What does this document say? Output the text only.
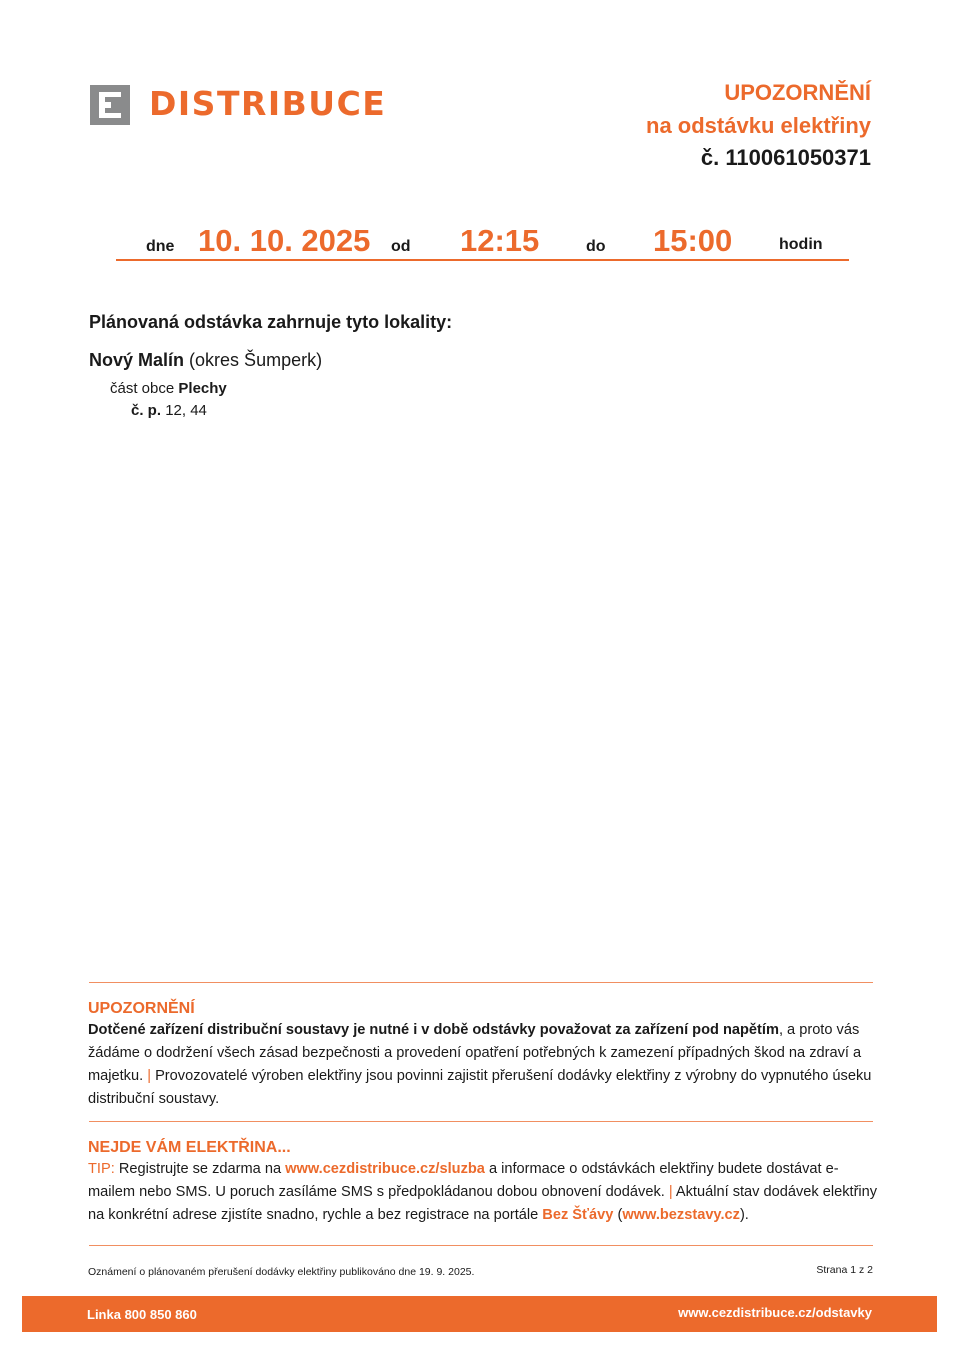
DISTRIBUCE	UPOZORNĚNÍ
na odstávku elektřiny
č. 110061050371
dne 10. 10. 2025 od 12:15	do 15:00	hodin
Plánovaná odstávka zahrnuje tyto lokality:
Nový Malín (okres Šumperk)
část obce Plechy
č. p. 12, 44
UPOZORNĚNÍ
Dotčené zařízení distribuční soustavy je nutné i v době odstávky považovat za zařízení pod napětím, a proto vás žádáme o dodržení všech zásad bezpečnosti a provedení opatření potřebných k zamezení případných škod na zdraví a majetku. | Provozovatelé výroben elektřiny jsou povinni zajistit přerušení dodávky elektřiny z výrobny do vypnutého úseku distribuční soustavy.
NEJDE VÁM ELEKTŘINA...
TIP: Registrujte se zdarma na www.cezdistribuce.cz/sluzba a informace o odstávkách elektřiny budete dostávat e-mailem nebo SMS. U poruch zasíláme SMS s předpokládanou dobou obnovení dodávek. | Aktuální stav dodávek elektřiny na konkrétní adrese zjistíte snadno, rychle a bez registrace na portále Bez Šťávy (www.bezstavy.cz).
Oznámení o plánovaném přerušení dodávky elektřiny publikováno dne 19. 9. 2025.	Strana 1 z 2
Linka 800 850 860	www.cezdistribuce.cz/odstavky
